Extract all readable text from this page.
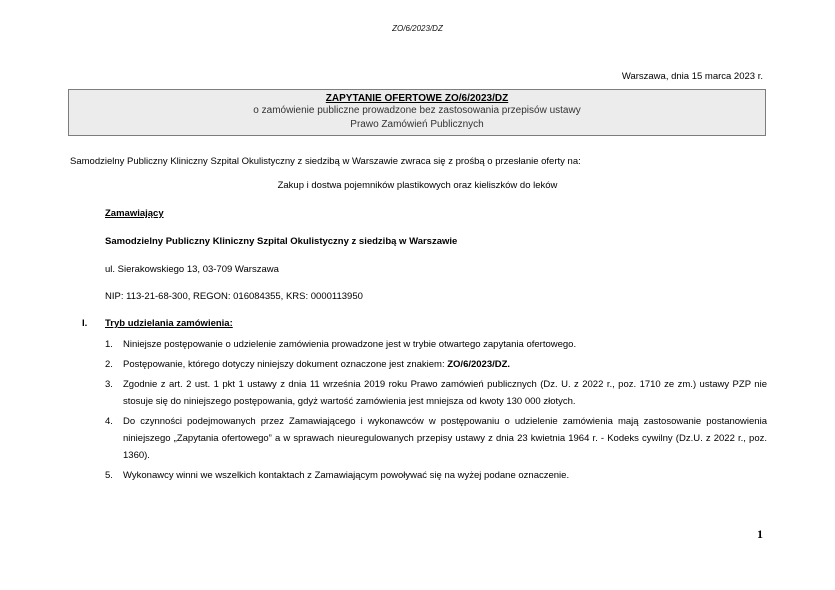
ZO/6/2023/DZ
Warszawa, dnia 15 marca 2023 r.
ZAPYTANIE OFERTOWE ZO/6/2023/DZ
o zamówienie publiczne prowadzone bez zastosowania przepisów ustawy
Prawo Zamówień Publicznych
Samodzielny Publiczny Kliniczny Szpital Okulistyczny z siedzibą w Warszawie zwraca się z prośbą o przesłanie oferty na:
Zakup i dostwa pojemników plastikowych oraz kieliszków do leków
Zamawiający
Samodzielny Publiczny Kliniczny Szpital Okulistyczny z siedzibą w Warszawie
ul. Sierakowskiego 13, 03-709 Warszawa
NIP: 113-21-68-300, REGON: 016084355, KRS: 0000113950
I. Tryb udzielania zamówienia:
1. Niniejsze postępowanie o udzielenie zamówienia prowadzone jest w trybie otwartego zapytania ofertowego.
2. Postępowanie, którego dotyczy niniejszy dokument oznaczone jest znakiem: ZO/6/2023/DZ.
3. Zgodnie z art. 2 ust. 1 pkt 1 ustawy z dnia 11 września 2019 roku Prawo zamówień publicznych (Dz. U. z 2022 r., poz. 1710 ze zm.) ustawy PZP nie stosuje się do niniejszego postępowania, gdyż wartość zamówienia jest mniejsza od kwoty 130 000 złotych.
4. Do czynności podejmowanych przez Zamawiającego i wykonawców w postępowaniu o udzielenie zamówienia mają zastosowanie postanowienia niniejszego „Zapytania ofertowego” a w sprawach nieuregulowanych przepisy ustawy z dnia 23 kwietnia 1964 r. - Kodeks cywilny (Dz.U. z 2022 r., poz. 1360).
5. Wykonawcy winni we wszelkich kontaktach z Zamawiającym powoływać się na wyżej podane oznaczenie.
1
